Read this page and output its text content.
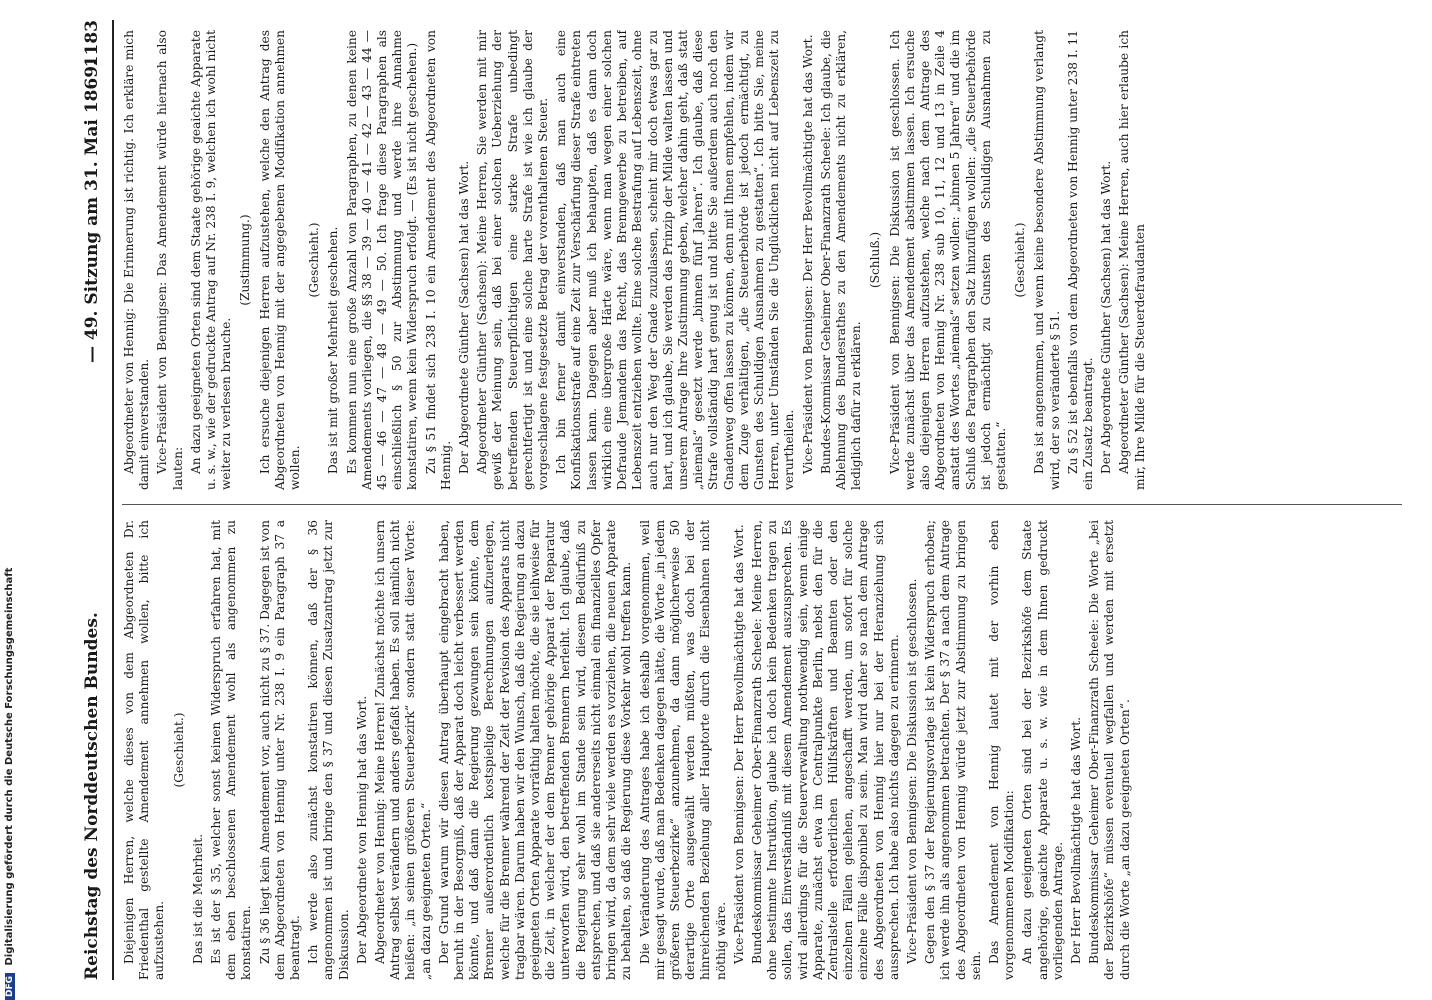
Reichstag des Norddeutschen Bundes.
— 49. Sitzung am 31. Mai 1869.
1183

Diejenigen Herren, welche dieses von dem Abgeordneten Dr. Friedenthal gestellte Amendement annehmen wollen, bitte ich aufzustehen.

(Geschieht.)

Das ist die Mehrheit. Es ist der § 35, welcher sonst keinen Widerspruch erfahren hat, mit dem eben beschlossenen Amendement wohl als angenommen zu konstatiren. Zu § 36 liegt kein Amendement vor, auch nicht zu § 37. Dagegen ist von dem Abgeordneten von Hennig unter Nr. 238 I. 9 ein Paragraph 37 a beantragt. Ich werde also zunächst konstatiren können, daß der § 36 angenommen ist und bringe den § 37 und diesen Zusatzantrag jetzt zur Diskussion. Der Abgeordnete von Hennig hat das Wort. Abgeordneter von Hennig: Meine Herren! Zunächst möchte ich unsern Antrag selbst verändern und anders gefaßt haben. Es soll nämlich nicht heißen: „in seinen größeren Steuerbezirk“ sondern statt dieser Worte: „an dazu geeigneten Orten.“ Der Grund warum wir diesen Antrag überhaupt eingebracht haben, beruht in der Besorgniß, daß der Apparat doch leicht verbessert werden könnte, und daß dann die Regierung gezwungen sein könnte, dem Brenner außerordentlich kostspielige Berechnungen aufzuerlegen, welche für die Brenner während der Zeit der Revision des Apparats nicht tragbar wären. Darum haben wir den Wunsch, daß die Regierung an dazu geeigneten Orten Apparate vorräthig halten möchte, die sie leihweise für die Zeit, in welcher der dem Brenner gehörige Apparat der Reparatur unterworfen wird, den betreffenden Brennern herleiht. Ich glaube, daß die Regierung sehr wohl im Stande sein wird, diesem Bedürfniß zu entsprechen, und daß sie andererseits nicht einmal ein finanzielles Opfer bringen wird, da dem sehr viele werden es vorziehen, die neuen Apparate zu behalten, so daß die Regierung diese Vorkehr wohl treffen kann. Die Veränderung des Antrages habe ich deshalb vorgenommen, weil mir gesagt wurde, daß man Bedenken dagegen hätte, die Worte „in jedem größeren Steuerbezirke“ anzunehmen, da dann möglicherweise 50 derartige Orte ausgewählt werden müßten, was doch bei der hinreichenden Beziehung aller Hauptorte durch die Eisenbahnen nicht nöthig wäre. Vice-Präsident von Bennigsen: Der Herr Bevollmächtigte hat das Wort. Bundeskommissar Geheimer Ober-Finanzrath Scheele: Meine Herren, ohne bestimmte Instruktion, glaube ich doch kein Bedenken tragen zu sollen, das Einverständniß mit diesem Amendement auszusprechen. Es wird allerdings für die Steuerverwaltung nothwendig sein, wenn einige Apparate, zunächst etwa im Centralpunkte Berlin, nebst den für die Zentralstelle erforderlichen Hülfskräften und Beamten oder den einzelnen Fällen geliehen, angeschafft werden, um sofort für solche einzelne Fälle disponibel zu sein. Man wird daher so nach dem Antrage des Abgeordneten von Hennig hier nur bei der Heranziehung sich aussprechen. Ich habe also nichts dagegen zu erinnern. Vice-Präsident von Bennigsen: Die Diskussion ist geschlossen. Gegen den § 37 der Regierungsvorlage ist kein Widerspruch erhoben; ich werde ihn als angenommen betrachten. Der § 37 a nach dem Antrage des Abgeordneten von Hennig würde jetzt zur Abstimmung zu bringen sein.

Das Amendement von Hennig lautet mit der vorhin eben vorgenommenen Modifikation: An dazu geeigneten Orten sind bei der Bezirkshöfe dem Staate angehörige, geaichte Apparate u. s. w. wie in dem Ihnen gedruckt vorliegenden Antrage. Der Herr Bevollmächtigte hat das Wort. Bundeskommissar Geheimer Ober-Finanzrath Scheele: Die Worte „bei der Bezirkshöfe“ müssen eventuell wegfallen und werden mit ersetzt durch die Worte „an dazu geeigneten Orten“.

Abgeordneter von Hennig: Die Erinnerung ist richtig. Ich erkläre mich damit einverstanden. Vice-Präsident von Bennigsen: Das Amendement würde hiernach also lauten: An dazu geeigneten Orten sind dem Staate gehörige geaichte Apparate u. s. w., wie der gedruckte Antrag auf Nr. 238 I. 9, welchen ich wohl nicht weiter zu verlesen brauche.

(Zustimmung.) Ich ersuche diejenigen Herren aufzustehen, welche den Antrag des Abgeordneten von Hennig mit der angegebenen Modifikation annehmen wollen.

(Geschieht.) Das ist mit großer Mehrheit geschehen. Es kommen nun eine große Anzahl von Paragraphen, zu denen keine Amendements vorliegen, die §§ 38 — 39 — 40 — 41 — 42 — 43 — 44 — 45 — 46 — 47 — 48 — 49 — 50. Ich frage diese Paragraphen als einschließlich § 50 zur Abstimmung und werde ihre Annahme konstatiren, wenn kein Widerspruch erfolgt. — (Es ist nicht geschehen.) Zu § 51 findet sich 238 I. 10 ein Amendement des Abgeordneten von Hennig. Der Abgeordnete Günther (Sachsen) hat das Wort. Abgeordneter Günther (Sachsen): Meine Herren, Sie werden mit mir gewiß der Meinung sein, daß bei einer solchen Ueberziehung der betreffenden Steuerpflichtigen eine starke Strafe unbedingt gerechtfertigt ist und eine solche harte Strafe ist wie ich glaube der vorgeschlagene festgesetzte Betrag der vorenthaltenen Steuer. Ich bin ferner damit einverstanden, daß man auch eine Konfiskationsstrafe auf eine Zeit zur Verschärfung dieser Strafe eintreten lassen kann. Dagegen aber muß ich behaupten, daß es dann doch wirklich eine übergroße Härte wäre, wenn man wegen einer solchen Defraude Jemandem das Recht, das Brenngewerbe zu betreiben, auf Lebenszeit entziehen wollte. Eine solche Bestrafung auf Lebenszeit, ohne auch nur den Weg der Gnade zuzulassen, scheint mir doch etwas gar zu hart, und ich glaube, Sie werden das Prinzip der Milde walten lassen und unserem Antrage Ihre Zustimmung geben, welcher dahin geht, daß statt „niemals“ gesetzt werde „binnen fünf Jahren“. Ich glaube, daß diese Strafe vollständig hart genug ist und bitte Sie außerdem auch noch den Gnadenweg offen lassen zu können, denn mit Ihnen empfehlen, indem wir dem Zuge verhältigen, „die Steuerbehörde ist jedoch ermächtigt, zu Gunsten des Schuldigen Ausnahmen zu gestatten“. Ich bitte Sie, meine Herren, unter Umständen Sie die Unglücklichen nicht auf Lebenszeit zu verurtheilen. Vice-Präsident von Bennigsen: Der Herr Bevollmächtigte hat das Wort. Bundes-Kommissar Geheimer Ober-Finanzrath Scheele: Ich glaube, die Ablehnung des Bundesrathes zu den Amendements nicht zu erklären, lediglich dafür zu erklären.

(Schluß.) Vice-Präsident von Bennigsen: Die Diskussion ist geschlossen. Ich werde zunächst über das Amendement abstimmen lassen. Ich ersuche also diejenigen Herren aufzustehen, welche nach dem Antrage des Abgeordneten von Hennig Nr. 238 sub 10, 11, 12 und 13 in Zeile 4 anstatt des Wortes „niemals“ setzen wollen: „binnen 5 Jahren“ und die im Schluß des Paragraphen den Satz hinzufügen wollen: „die Steuerbehörde ist jedoch ermächtigt zu Gunsten des Schuldigen Ausnahmen zu gestatten.“

(Geschieht.) Das ist angenommen, und wenn keine besondere Abstimmung verlangt wird, der so veränderte § 51. Zu § 52 ist ebenfalls von dem Abgeordneten von Hennig unter 238 I. 11 ein Zusatz beantragt. Der Abgeordnete Günther (Sachsen) hat das Wort. Abgeordneter Günther (Sachsen): Meine Herren, auch hier erlaube ich mir, Ihre Milde für die Steuerdefraudanten

DFG Digitalisierung gefördert durch die Deutsche Forschungsgemeinschaft
